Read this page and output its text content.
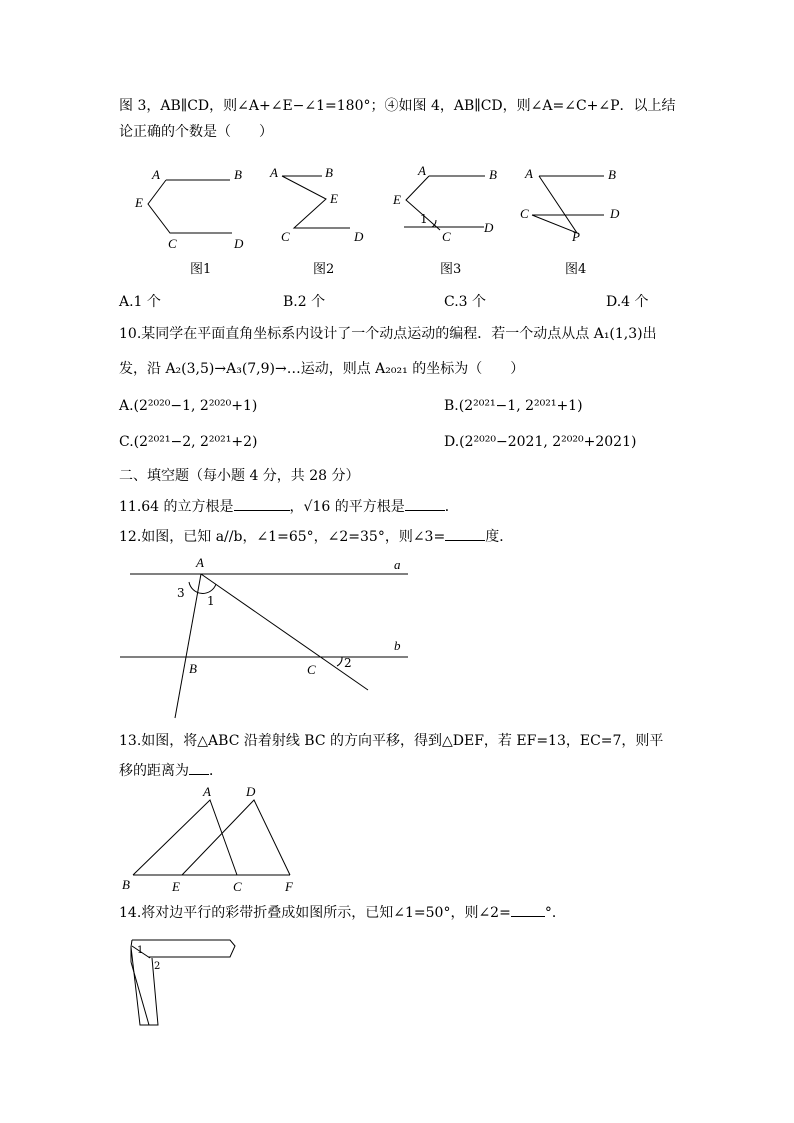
图 3，AB∥CD，则∠A+∠E−∠1=180°；④如图 4，AB∥CD，则∠A=∠C+∠P．以上结
论正确的个数是（　　）
A	B
E
C	D
A	B
E
C	D
A	B
E
1
C
D
A	B
C	D
P
图1	图2	图3	图4
A.1 个	B.2 个	C.3 个	D.4 个
10.某同学在平面直角坐标系内设计了一个动点运动的编程．若一个动点从点 A₁(1,3)出
发，沿 A₂(3,5)→A₃(7,9)→…运动，则点 A₂₀₂₁ 的坐标为（　　）
A.(2²⁰²⁰−1, 2²⁰²⁰+1)	B.(2²⁰²¹−1, 2²⁰²¹+1)
C.(2²⁰²¹−2, 2²⁰²¹+2)	D.(2²⁰²⁰−2021, 2²⁰²⁰+2021)
二、填空题（每小题 4 分，共 28 分）
11.64 的立方根是	，√16 的平方根是	．
12.如图，已知 a//b，∠1=65°，∠2=35°，则∠3=	度．
A	a
3
1
b
B	C 2
13.如图，将△ABC 沿着射线 BC 的方向平移，得到△DEF，若 EF=13，EC=7，则平
移的距离为 ．
A	D
B	E	C	F
14.将对边平行的彩带折叠成如图所示，已知∠1=50°，则∠2= °．
1
2
